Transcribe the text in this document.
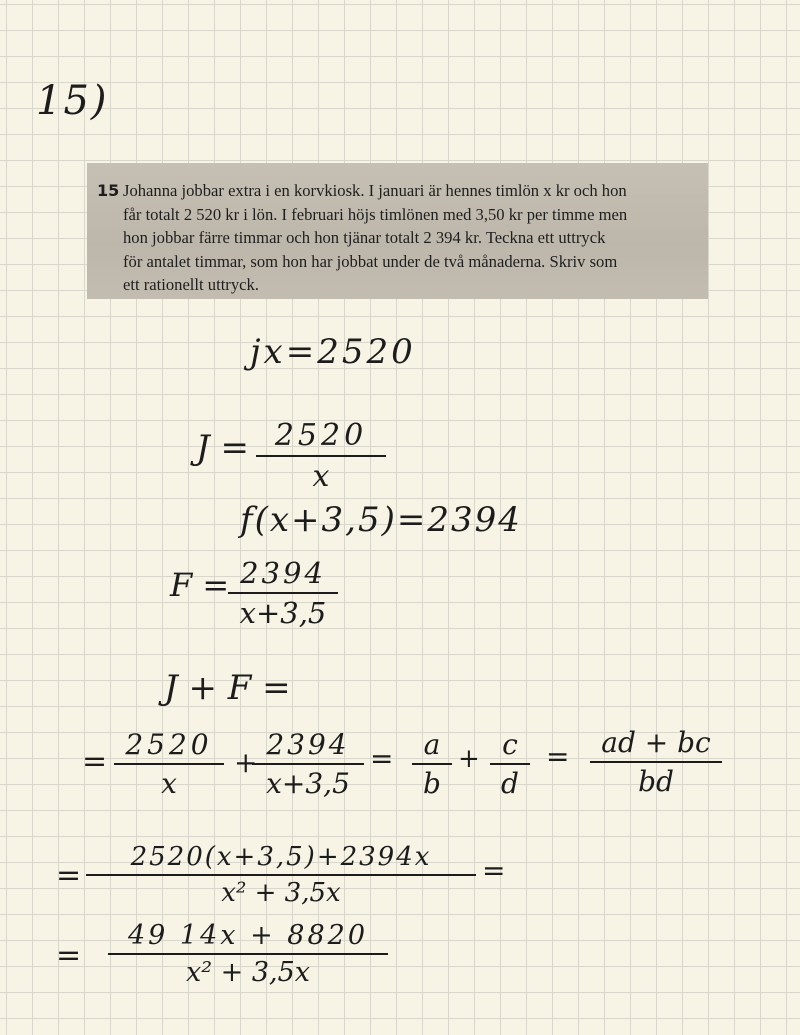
15)
15 Johanna jobbar extra i en korvkiosk. I januari är hennes timlön x kr och hon
får totalt 2 520 kr i lön. I februari höjs timlönen med 3,50 kr per timme men
hon jobbar färre timmar och hon tjänar totalt 2 394 kr. Teckna ett uttryck
för antalet timmar, som hon har jobbat under de två månaderna. Skriv som
ett rationellt uttryck.
jx=2520
J = 2520
x
f(x+3,5)=2394
F = 2394
x+3,5
J + F =
= 2520
x
+
2394
x+3,5
=	a
b
+ c
d
=	ad + bc
bd
=
2520(x+3,5)+2394x
x² + 3,5x
=
=
49 14x + 8820
x² + 3,5x
